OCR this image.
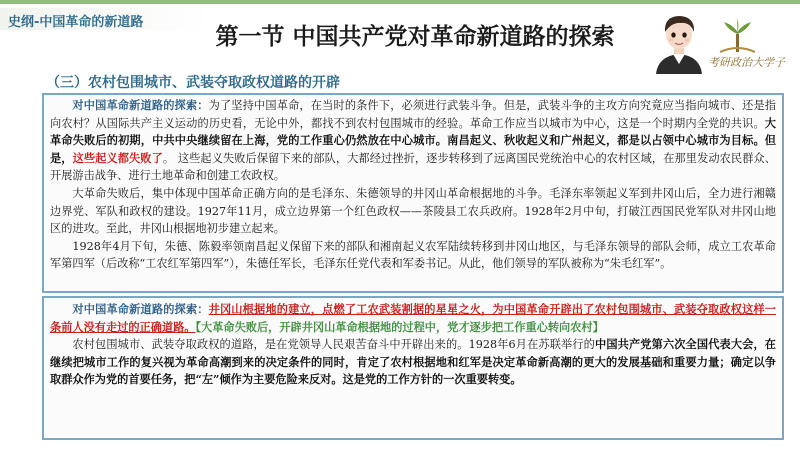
史纲-中国革命的新道路
第一节 中国共产党对革命新道路的探索
考研政治大学子
（三）农村包围城市、武装夺取政权道路的开辟

对中国革命新道路的探索：为了坚持中国革命，在当时的条件下，必须进行武装斗争。但是，武装斗争的主攻方向究竟应当指向城市、还是指向农村？从国际共产主义运动的历史看，无论中外，都找不到农村包围城市的经验。革命工作应当以城市为中心，这是一个时期内全党的共识。大革命失败后的初期，中共中央继续留在上海，党的工作重心仍然放在中心城市。南昌起义、秋收起义和广州起义，都是以占领中心城市为目标。但是，这些起义都失败了。 这些起义失败后保留下来的部队，大都经过挫折，逐步转移到了远离国民党统治中心的农村区域，在那里发动农民群众、开展游击战争、进行土地革命和创建工农政权。

大革命失败后，集中体现中国革命正确方向的是毛泽东、朱德领导的井冈山革命根据地的斗争。毛泽东率领起义军到井冈山后，全力进行湘赣边界党、军队和政权的建设。1927年11月，成立边界第一个红色政权——茶陵县工农兵政府。1928年2月中旬，打破江西国民党军队对井冈山地区的进攻。至此，井冈山根据地初步建立起来。

1928年4月下旬，朱德、陈毅率领南昌起义保留下来的部队和湘南起义农军陆续转移到井冈山地区，与毛泽东领导的部队会师，成立工农革命军第四军（后改称“工农红军第四军”），朱德任军长，毛泽东任党代表和军委书记。从此，他们领导的军队被称为“朱毛红军”。

对中国革命新道路的探索：井冈山根据地的建立，点燃了工农武装割据的星星之火，为中国革命开辟出了农村包围城市、武装夺取政权这样一条前人没有走过的正确道路。【大革命失败后，开辟井冈山革命根据地的过程中，党才逐步把工作重心转向农村】

农村包围城市、武装夺取政权的道路，是在党领导人民艰苦奋斗中开辟出来的。1928年6月在苏联举行的中国共产党第六次全国代表大会，在继续把城市工作的复兴视为革命高潮到来的决定条件的同时，肯定了农村根据地和红军是决定革命新高潮的更大的发展基础和重要力量；确定以争取群众作为党的首要任务，把“左”倾作为主要危险来反对。这是党的工作方针的一次重要转变。
